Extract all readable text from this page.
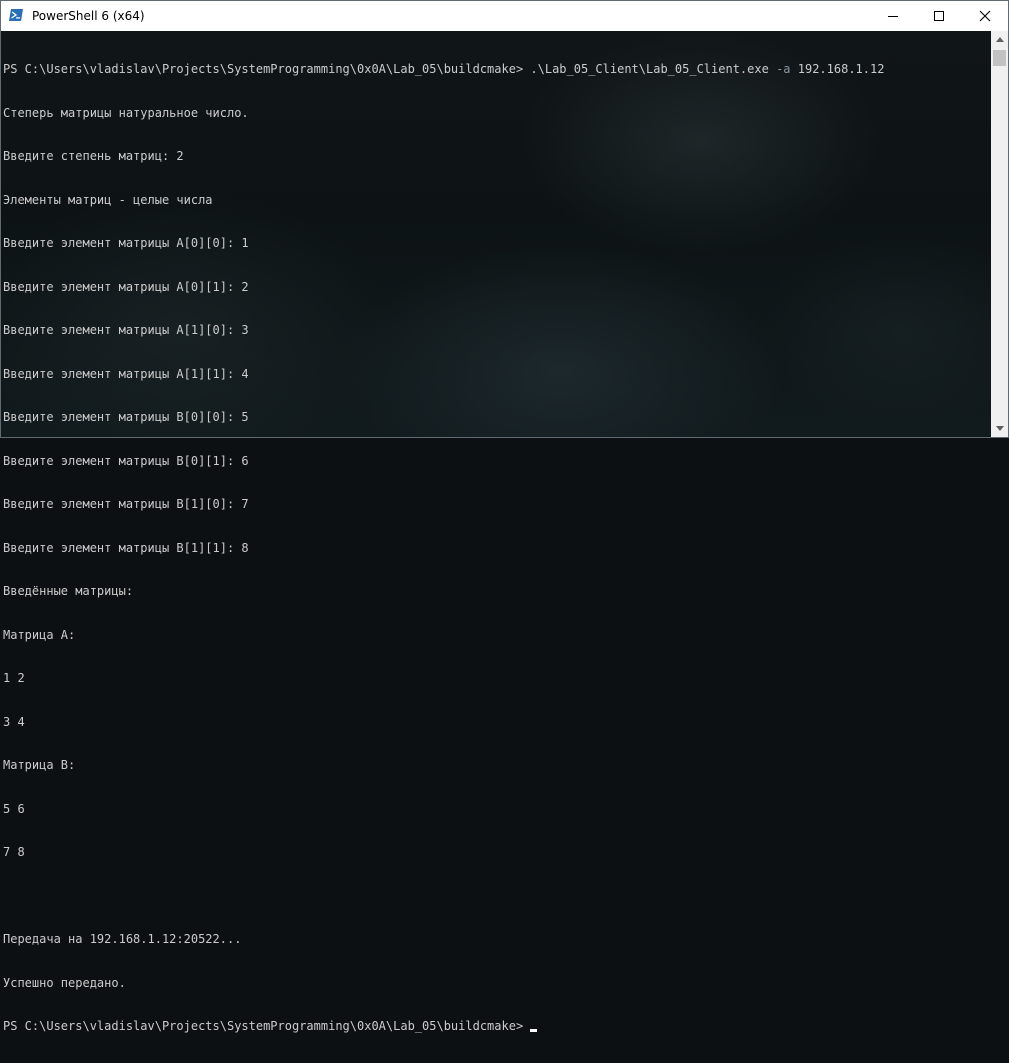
PowerShell 6 (x64)

PS C:\Users\vladislav\Projects\SystemProgramming\0x0A\Lab_05\buildcmake> .\Lab_05_Client\Lab_05_Client.exe -a 192.168.1.12

Степерь матрицы натуральное число.

Введите степень матриц: 2

Элементы матриц - целые числа

Введите элемент матрицы A[0][0]: 1

Введите элемент матрицы A[0][1]: 2

Введите элемент матрицы A[1][0]: 3

Введите элемент матрицы A[1][1]: 4

Введите элемент матрицы B[0][0]: 5

Введите элемент матрицы B[0][1]: 6

Введите элемент матрицы B[1][0]: 7

Введите элемент матрицы B[1][1]: 8

Введённые матрицы:

Матрица A:

1 2

3 4

Матрица B:

5 6

7 8

Передача на 192.168.1.12:20522...

Успешно передано.

PS C:\Users\vladislav\Projects\SystemProgramming\0x0A\Lab_05\buildcmake>
